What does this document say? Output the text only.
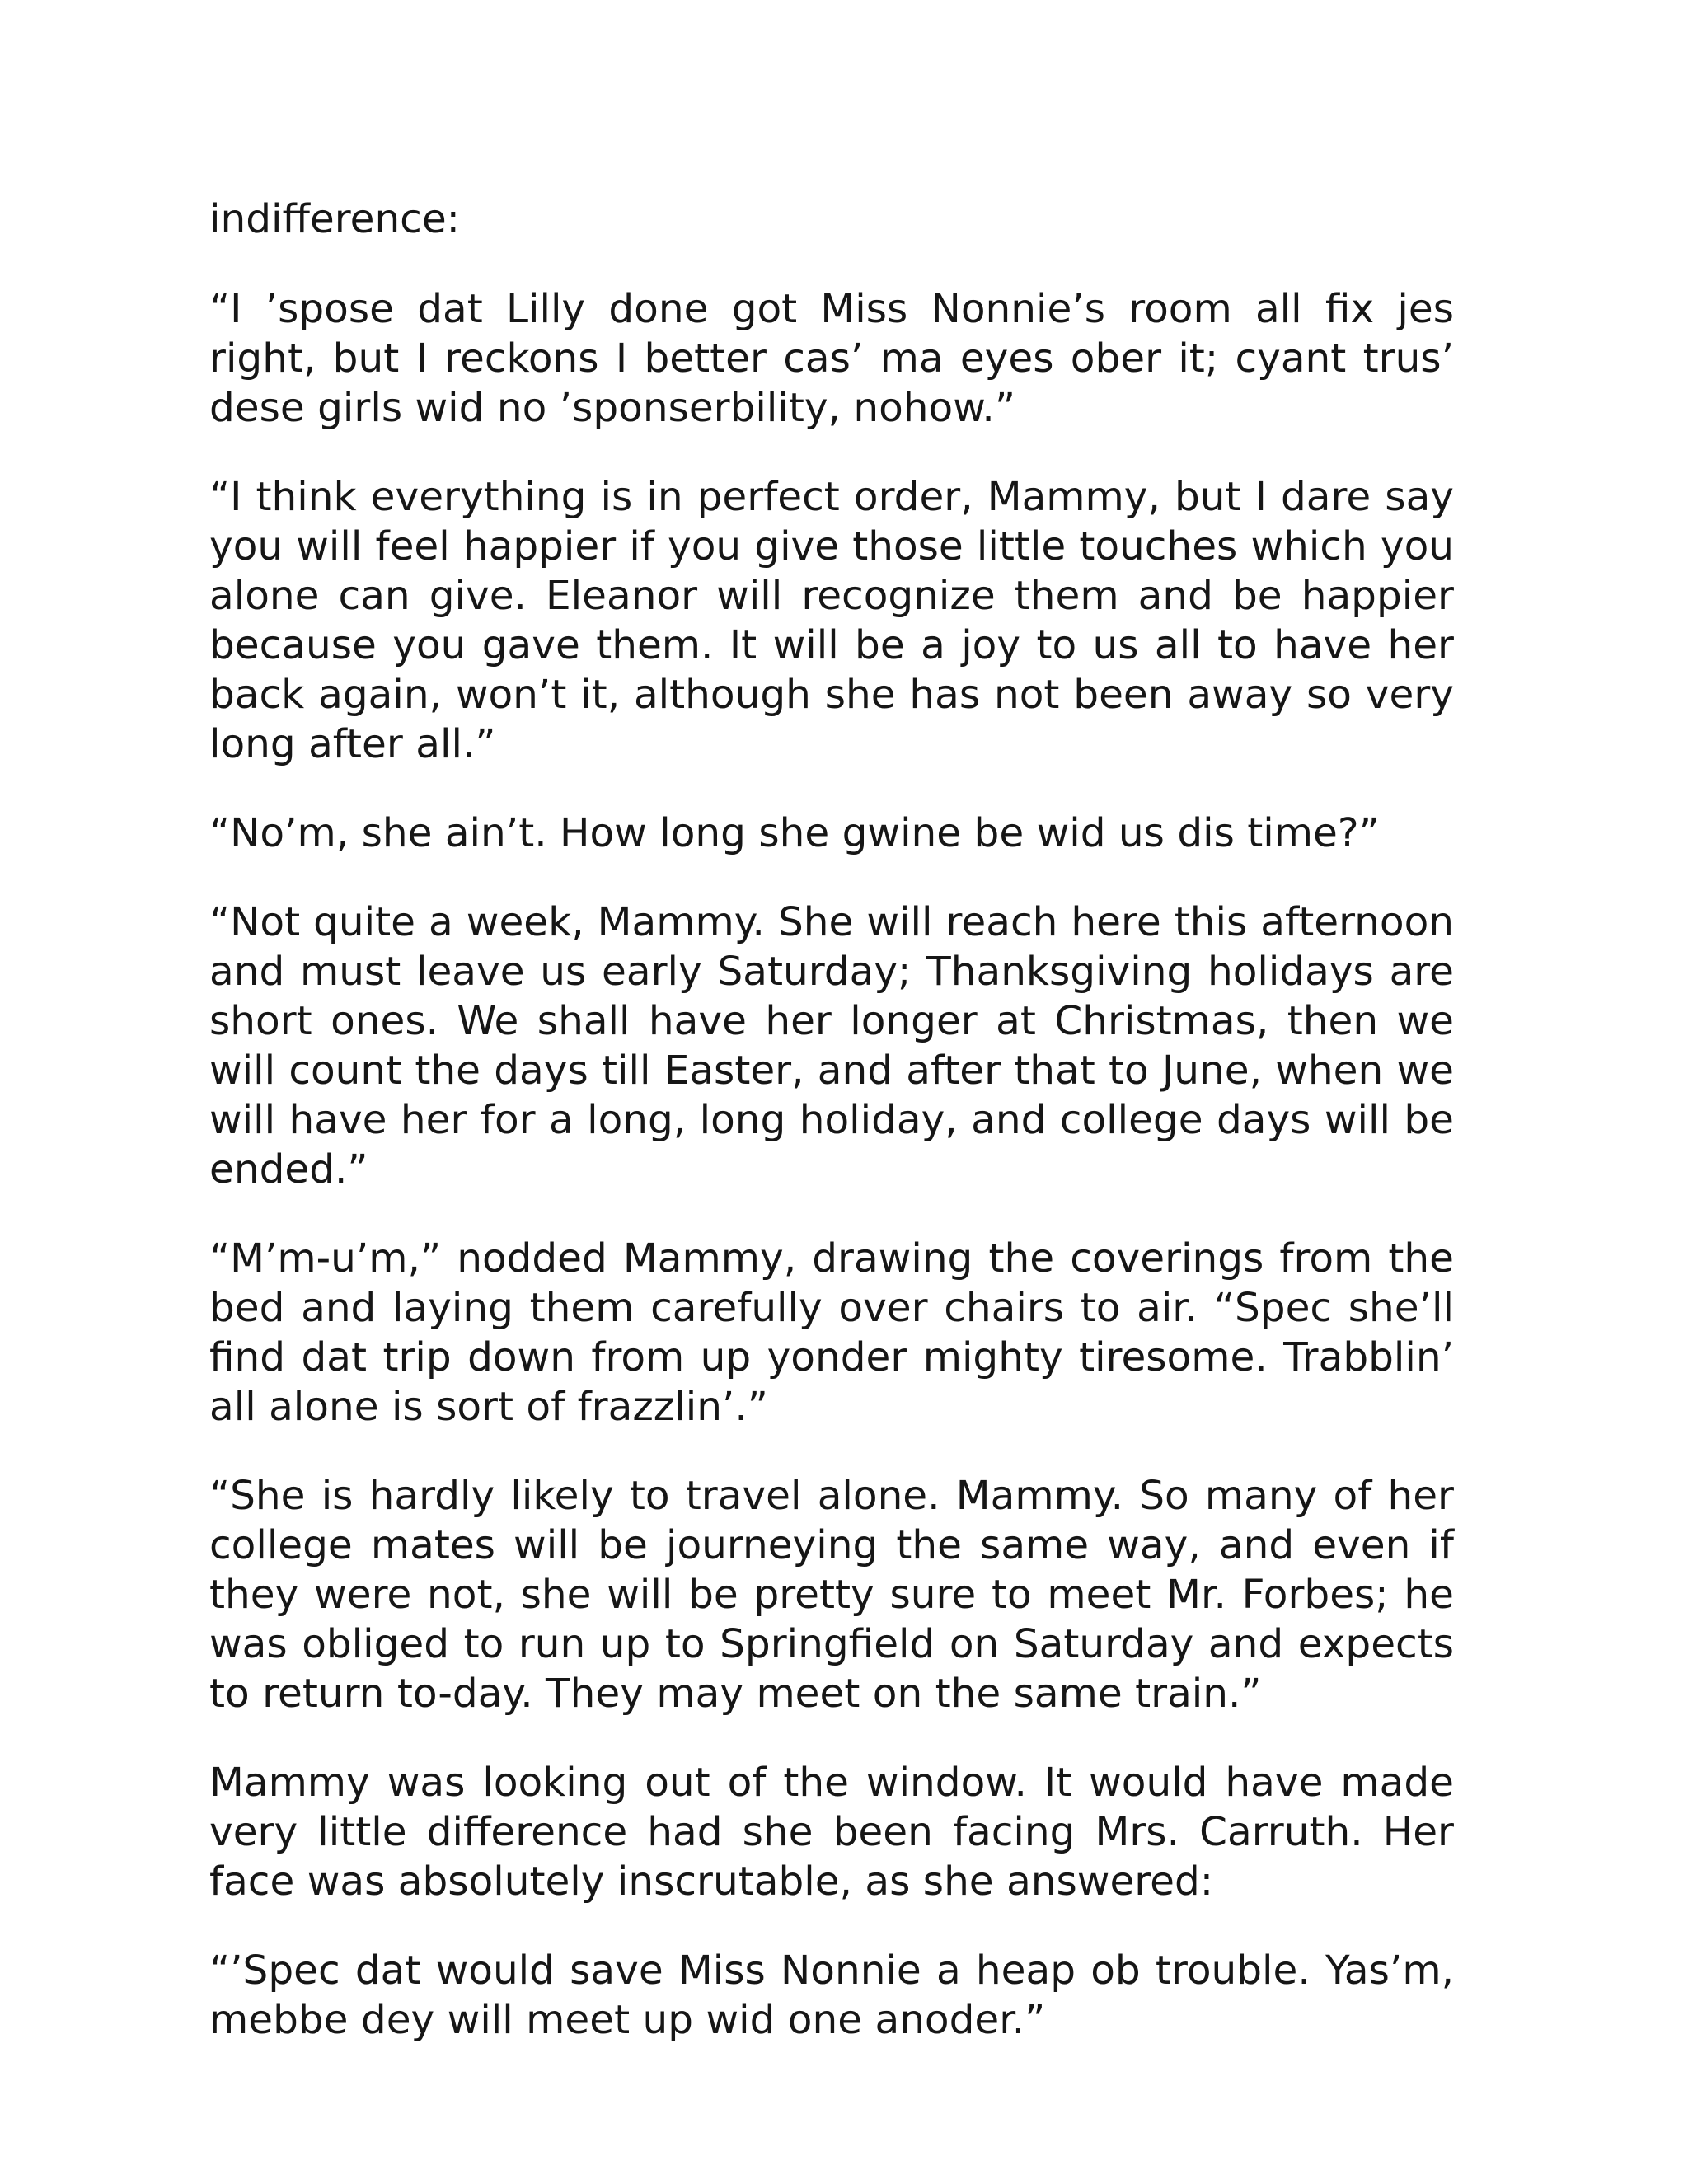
indifference:

“I ’spose dat Lilly done got Miss Nonnie’s room all fix jes right, but I reckons I better cas’ ma eyes ober it; cyant trus’ dese girls wid no ’sponserbility, nohow.”

“I think everything is in perfect order, Mammy, but I dare say you will feel happier if you give those little touches which you alone can give. Eleanor will recognize them and be happier because you gave them. It will be a joy to us all to have her back again, won’t it, although she has not been away so very long after all.”

“No’m, she ain’t. How long she gwine be wid us dis time?”

“Not quite a week, Mammy. She will reach here this afternoon and must leave us early Saturday; Thanksgiving holidays are short ones. We shall have her longer at Christmas, then we will count the days till Easter, and after that to June, when we will have her for a long, long holiday, and college days will be ended.”

“M’m-u’m,” nodded Mammy, drawing the coverings from the bed and laying them carefully over chairs to air. “Spec she’ll find dat trip down from up yonder mighty tiresome. Trabblin’ all alone is sort of frazzlin’.”

“She is hardly likely to travel alone. Mammy. So many of her college mates will be journeying the same way, and even if they were not, she will be pretty sure to meet Mr. Forbes; he was obliged to run up to Springfield on Saturday and expects to return to-day. They may meet on the same train.”

Mammy was looking out of the window. It would have made very little difference had she been facing Mrs. Carruth. Her face was absolutely inscrutable, as she answered:

“’Spec dat would save Miss Nonnie a heap ob trouble. Yas’m, mebbe dey will meet up wid one anoder.”
